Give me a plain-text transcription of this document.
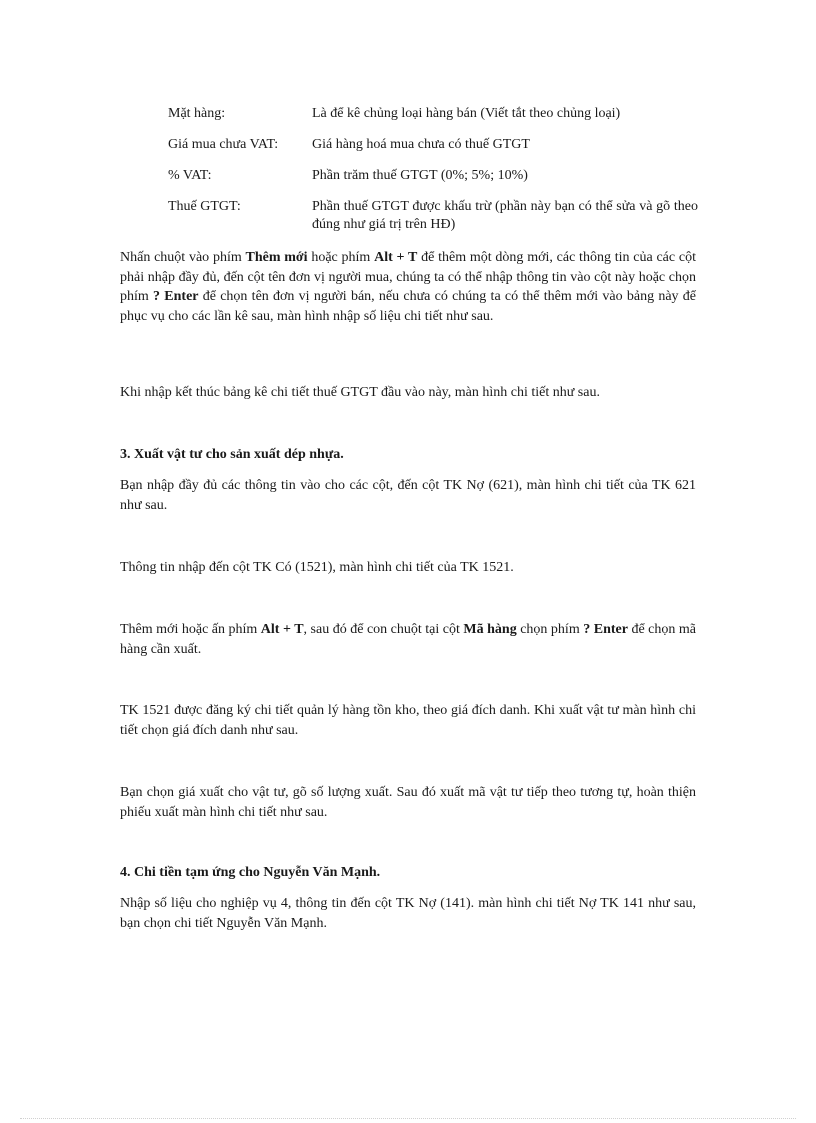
Mặt hàng:	Là để kê chủng loại hàng bán (Viết tắt theo chủng loại)
Giá mua chưa VAT:	Giá hàng hoá mua chưa có thuế GTGT
% VAT:	Phần trăm thuế GTGT (0%; 5%; 10%)
Thuế GTGT:	Phần thuế GTGT được khấu trừ (phần này bạn có thể sửa và gõ theo đúng như giá trị trên HĐ)

Nhấn chuột vào phím Thêm mới hoặc phím Alt + T để thêm một dòng mới, các thông tin của các cột phải nhập đầy đủ, đến cột tên đơn vị người mua, chúng ta có thể nhập thông tin vào cột này hoặc chọn phím ? Enter để chọn tên đơn vị người bán, nếu chưa có chúng ta có thể thêm mới vào bảng này để phục vụ cho các lần kê sau, màn hình nhập số liệu chi tiết như sau.

Khi nhập kết thúc bảng kê chi tiết thuế GTGT đầu vào này, màn hình chi tiết như sau.

3. Xuất vật tư cho sản xuất dép nhựa.

Bạn nhập đầy đủ các thông tin vào cho các cột, đến cột TK Nợ (621), màn hình chi tiết của TK 621 như sau.

Thông tin nhập đến cột TK Có (1521), màn hình chi tiết của TK 1521.

Thêm mới hoặc ấn phím Alt + T, sau đó để con chuột tại cột Mã hàng chọn phím ? Enter để chọn mã hàng cần xuất.

TK 1521 được đăng ký chi tiết quản lý hàng tồn kho, theo giá đích danh. Khi xuất vật tư màn hình chi tiết chọn giá đích danh như sau.

Bạn chọn giá xuất cho vật tư, gõ số lượng xuất. Sau đó xuất mã vật tư tiếp theo tương tự, hoàn thiện phiếu xuất màn hình chi tiết như sau.

4. Chi tiền tạm ứng cho Nguyễn Văn Mạnh.

Nhập số liệu cho nghiệp vụ 4, thông tin đến cột TK Nợ (141). màn hình chi tiết Nợ TK 141 như sau, bạn chọn chi tiết Nguyễn Văn Mạnh.
